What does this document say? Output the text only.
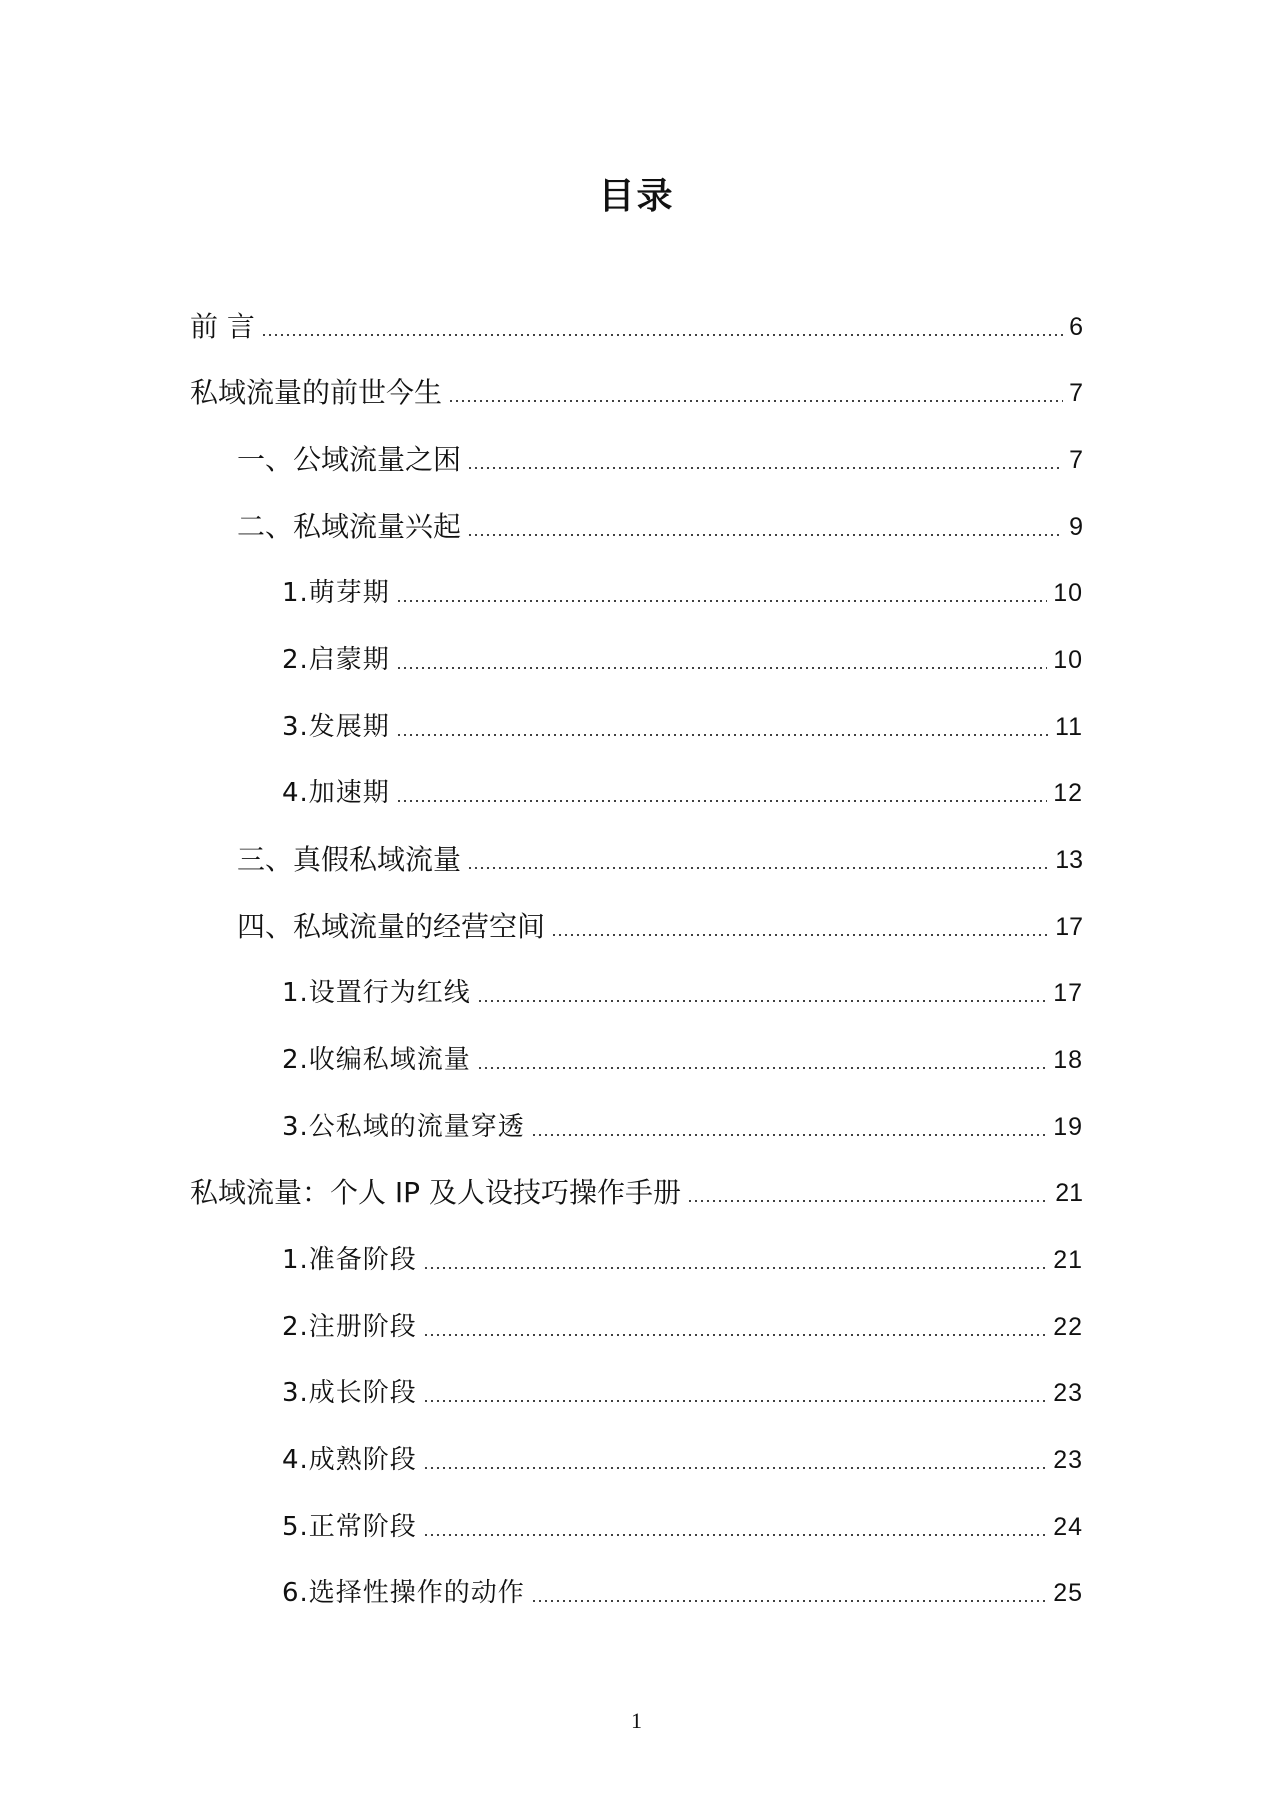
目录
前 言	6
私域流量的前世今生	7
一、公域流量之困	7
二、私域流量兴起	9
1.萌芽期	10
2.启蒙期	10
3.发展期	11
4.加速期	12
三、真假私域流量	13
四、私域流量的经营空间	17
1.设置行为红线	17
2.收编私域流量	18
3.公私域的流量穿透	19
私域流量：个人 IP 及人设技巧操作手册	21
1.准备阶段	21
2.注册阶段	22
3.成长阶段	23
4.成熟阶段	23
5.正常阶段	24
6.选择性操作的动作	25
1
